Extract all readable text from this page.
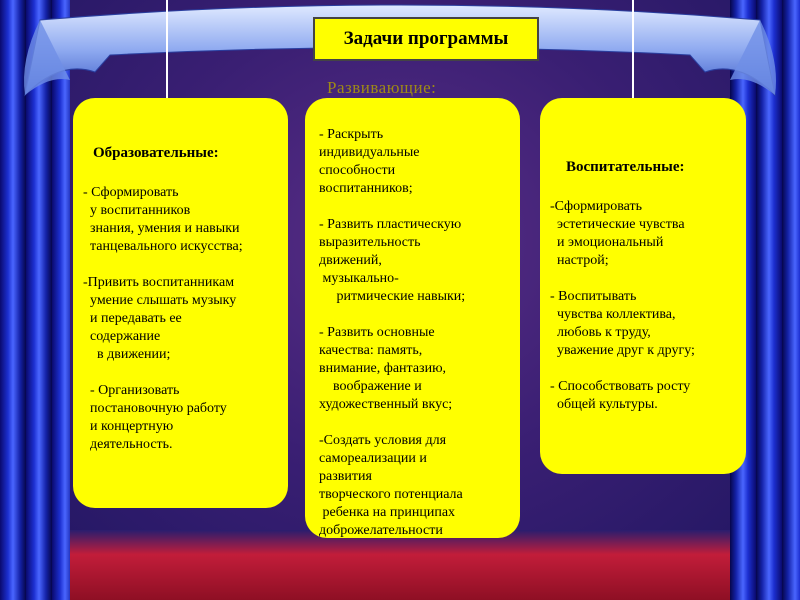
Задачи программы
Развивающие:
Образовательные:
- Сформировать
у воспитанников
знания, умения и навыки
танцевального искусства;
-Привить воспитанникам
умение слышать музыку
и передавать ее
содержание
в движении;
- Организовать
постановочную работу
и концертную
деятельность.
- Раскрыть
индивидуальные
способности
воспитанников;
- Развить пластическую
выразительность
движений,
музыкально-
ритмические навыки;
- Развить основные
качества: память,
внимание, фантазию,
воображение и
художественный вкус;
-Создать условия для
самореализации и
развития
творческого потенциала
ребенка на принципах
доброжелательности
Воспитательные:
-Сформировать
эстетические чувства
и эмоциональный
настрой;
- Воспитывать
чувства коллектива,
любовь к труду,
уважение друг к другу;
- Способствовать росту
общей культуры.
